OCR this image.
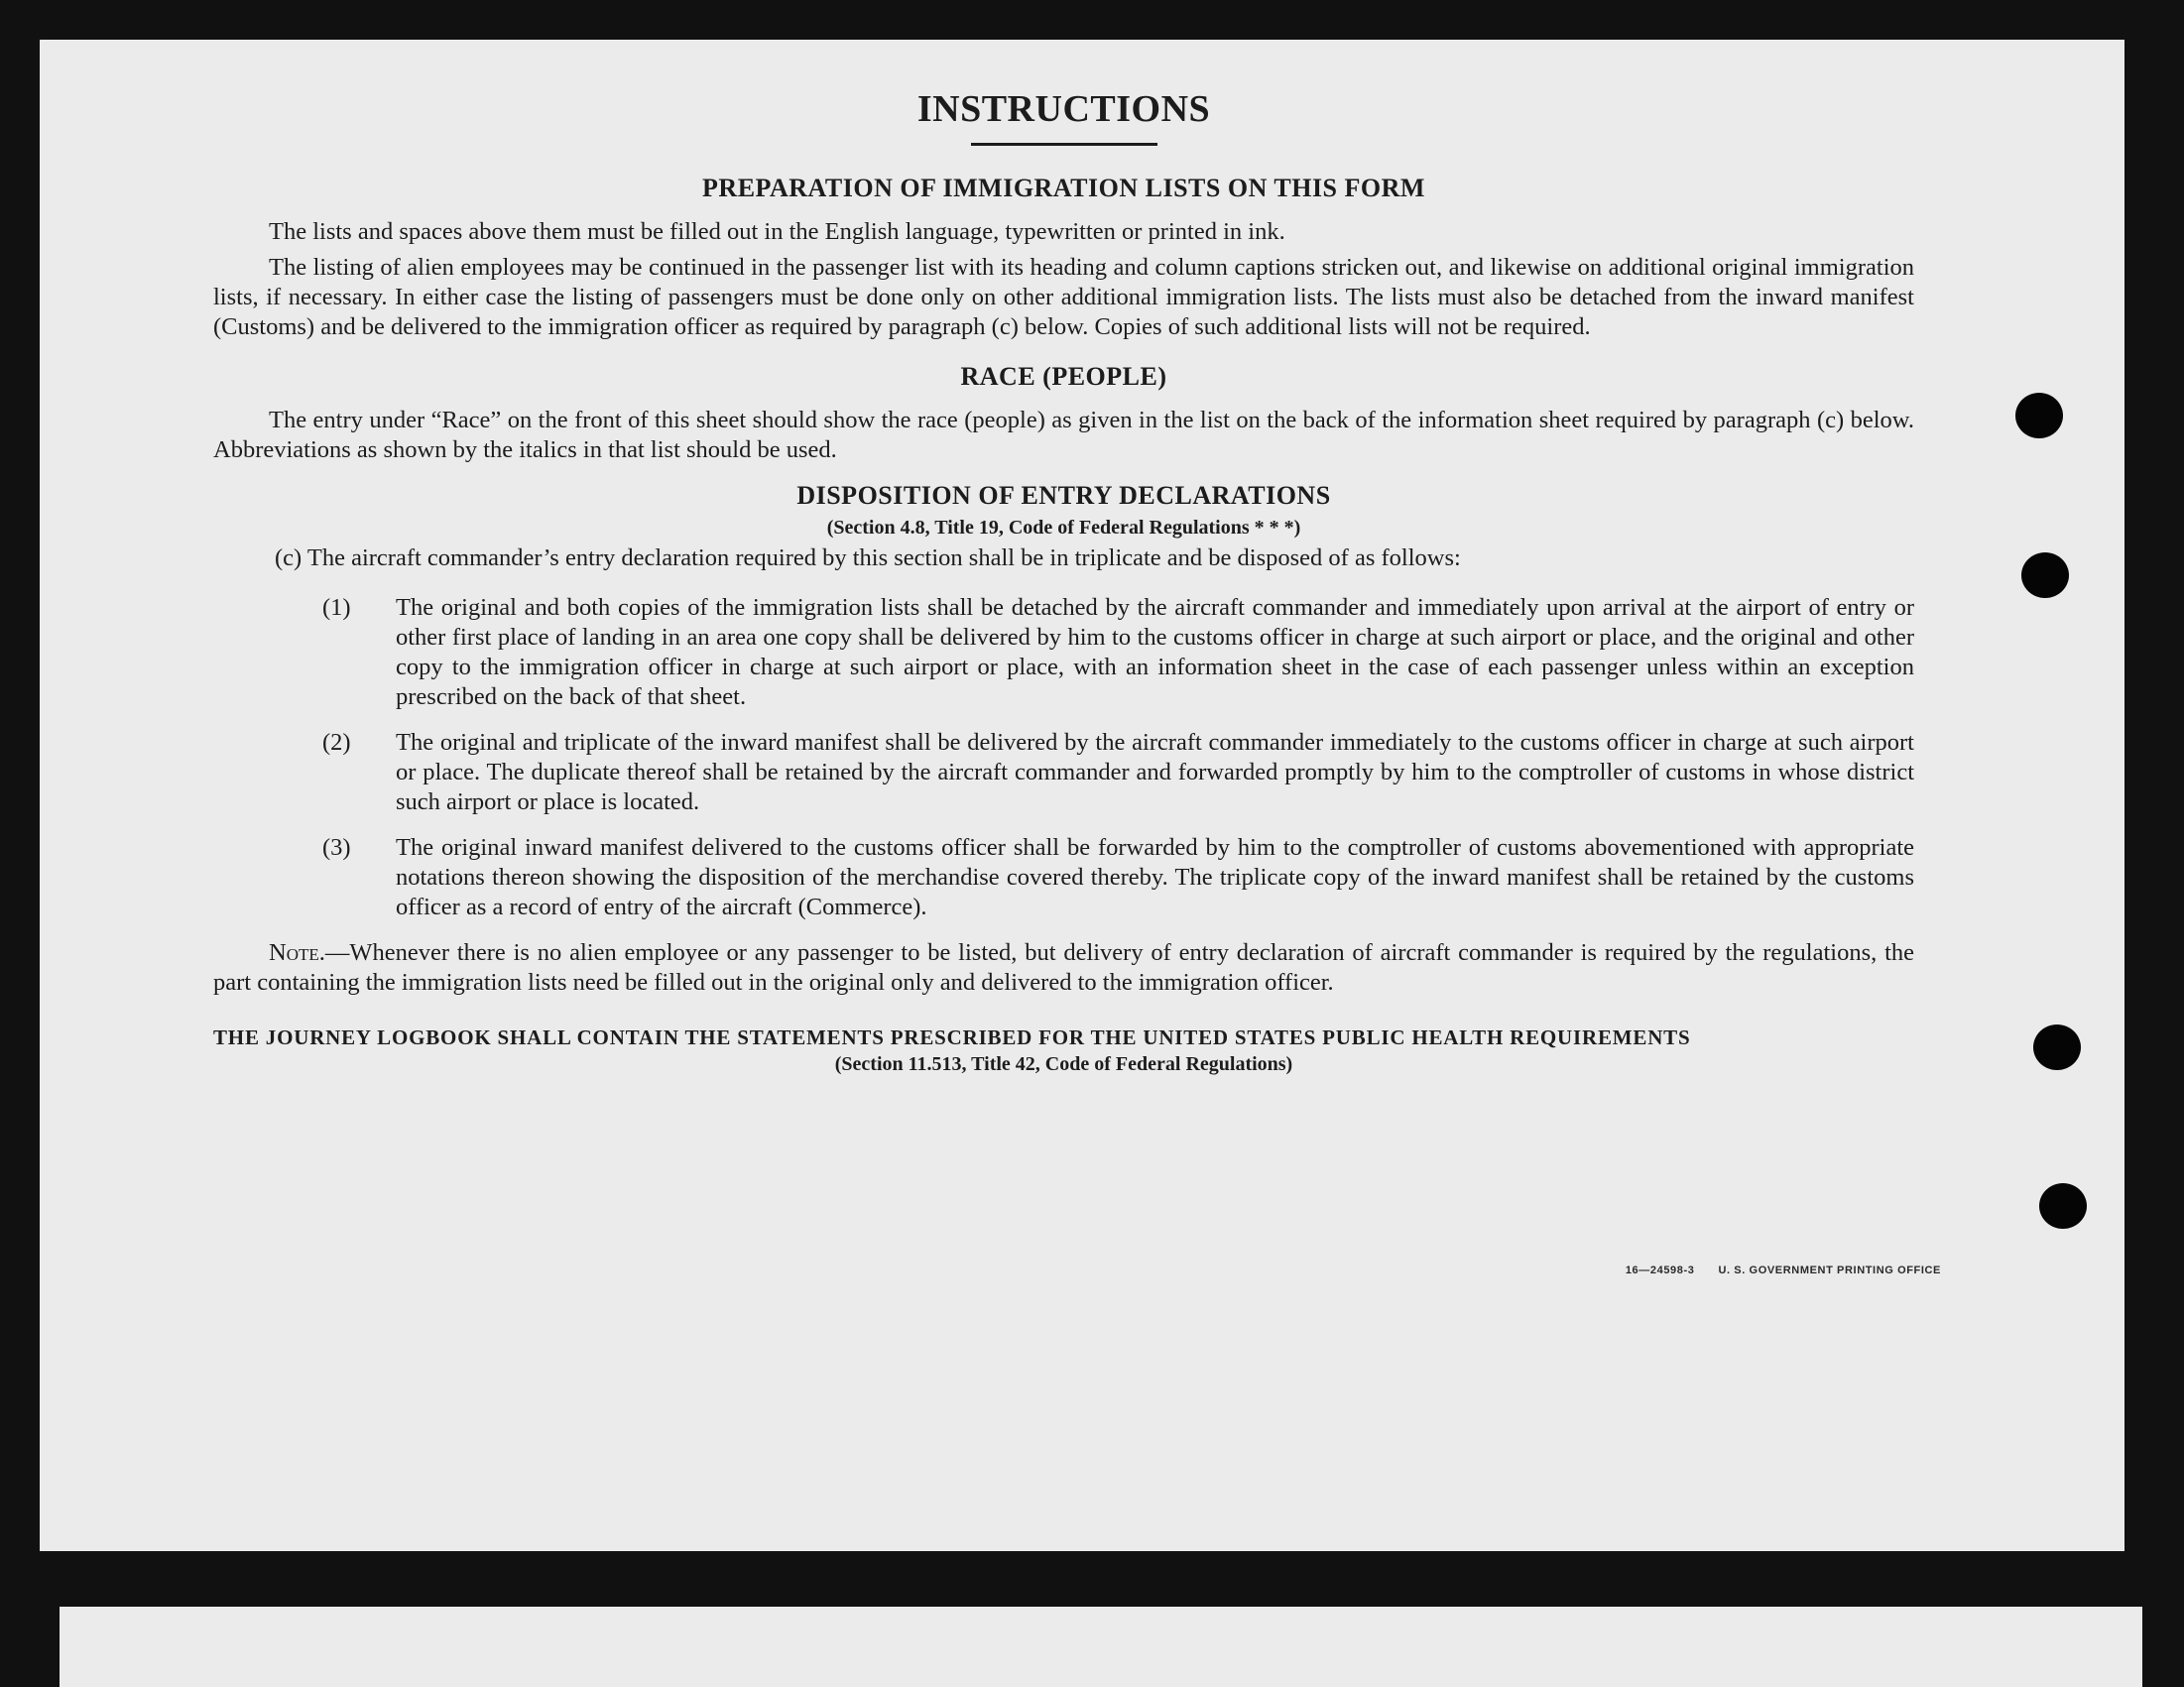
INSTRUCTIONS
PREPARATION OF IMMIGRATION LISTS ON THIS FORM

The lists and spaces above them must be filled out in the English language, typewritten or printed in ink.

The listing of alien employees may be continued in the passenger list with its heading and column captions stricken out, and likewise on additional original immigration lists, if necessary. In either case the listing of passengers must be done only on other additional immigration lists. The lists must also be detached from the inward manifest (Customs) and be delivered to the immigration officer as required by paragraph (c) below. Copies of such additional lists will not be required.

RACE (PEOPLE)

The entry under “Race” on the front of this sheet should show the race (people) as given in the list on the back of the information sheet required by paragraph (c) below. Abbreviations as shown by the italics in that list should be used.

DISPOSITION OF ENTRY DECLARATIONS
(Section 4.8, Title 19, Code of Federal Regulations * * *)

(c) The aircraft commander’s entry declaration required by this section shall be in triplicate and be disposed of as follows:

(1) The original and both copies of the immigration lists shall be detached by the aircraft commander and immediately upon arrival at the airport of entry or other first place of landing in an area one copy shall be delivered by him to the customs officer in charge at such airport or place, and the original and other copy to the immigration officer in charge at such airport or place, with an information sheet in the case of each passenger unless within an exception prescribed on the back of that sheet.

(2) The original and triplicate of the inward manifest shall be delivered by the aircraft commander immediately to the customs officer in charge at such airport or place. The duplicate thereof shall be retained by the aircraft commander and forwarded promptly by him to the comptroller of customs in whose district such airport or place is located.

(3) The original inward manifest delivered to the customs officer shall be forwarded by him to the comptroller of customs abovementioned with appropriate notations thereon showing the disposition of the merchandise covered thereby. The triplicate copy of the inward manifest shall be retained by the customs officer as a record of entry of the aircraft (Commerce).

Note.—Whenever there is no alien employee or any passenger to be listed, but delivery of entry declaration of aircraft commander is required by the regulations, the part containing the immigration lists need be filled out in the original only and delivered to the immigration officer.

THE JOURNEY LOGBOOK SHALL CONTAIN THE STATEMENTS PRESCRIBED FOR THE UNITED STATES PUBLIC HEALTH REQUIREMENTS
(Section 11.513, Title 42, Code of Federal Regulations)
16—24598-3 U. S. GOVERNMENT PRINTING OFFICE
